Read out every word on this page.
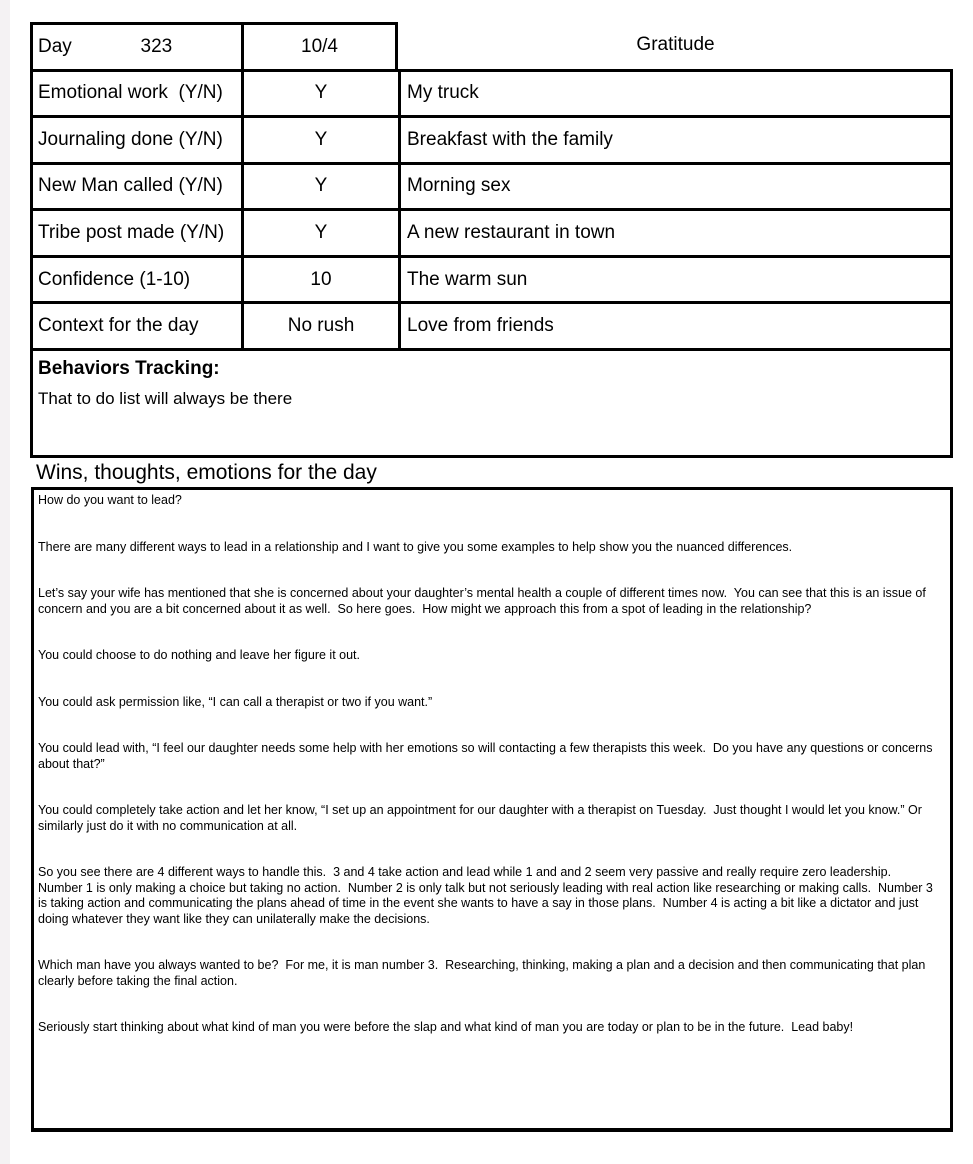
Day	323	10/4	Gratitude
Emotional work  (Y/N)	Y	My truck
Journaling done (Y/N)	Y	Breakfast with the family
New Man called (Y/N)	Y	Morning sex
Tribe post made (Y/N)	Y	A new restaurant in town
Confidence (1-10)	10	The warm sun
Context for the day	No rush	Love from friends
Behaviors Tracking:
That to do list will always be there
Wins, thoughts, emotions for the day

How do you want to lead?

There are many different ways to lead in a relationship and I want to give you some examples to help show you the nuanced differences.

Let’s say your wife has mentioned that she is concerned about your daughter’s mental health a couple of different times now.  You can see that this is an issue of concern and you are a bit concerned about it as well.  So here goes.  How might we approach this from a spot of leading in the relationship?

You could choose to do nothing and leave her figure it out.

You could ask permission like, “I can call a therapist or two if you want.”

You could lead with, “I feel our daughter needs some help with her emotions so will contacting a few therapists this week.  Do you have any questions or concerns about that?”

You could completely take action and let her know, “I set up an appointment for our daughter with a therapist on Tuesday.  Just thought I would let you know.” Or similarly just do it with no communication at all.

So you see there are 4 different ways to handle this.  3 and 4 take action and lead while 1 and and 2 seem very passive and really require zero leadership.  Number 1 is only making a choice but taking no action.  Number 2 is only talk but not seriously leading with real action like researching or making calls.  Number 3 is taking action and communicating the plans ahead of time in the event she wants to have a say in those plans.  Number 4 is acting a bit like a dictator and just doing whatever they want like they can unilaterally make the decisions.

Which man have you always wanted to be?  For me, it is man number 3.  Researching, thinking, making a plan and a decision and then communicating that plan clearly before taking the final action.

Seriously start thinking about what kind of man you were before the slap and what kind of man you are today or plan to be in the future.  Lead baby!
